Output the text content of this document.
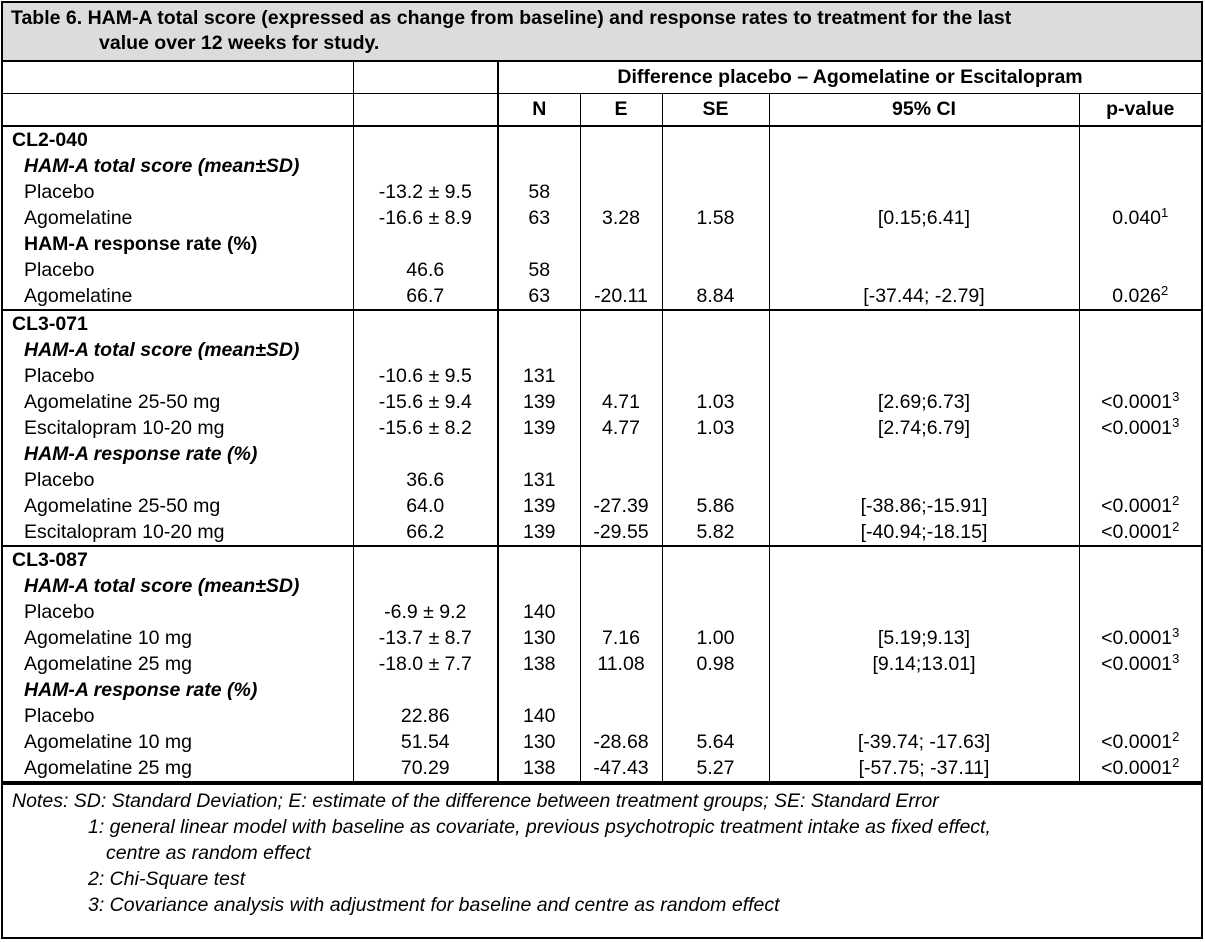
Table 6. HAM-A total score (expressed as change from baseline) and response rates to treatment for the last
value over 12 weeks for study.
		Difference placebo – Agomelatine or Escitalopram				
		N	E	SE	95% CI	p-value
CL2-040						
HAM-A total score (mean±SD)						
Placebo	-13.2 ± 9.5	58				
Agomelatine	-16.6 ± 8.9	63	3.28	1.58	[0.15;6.41]	0.040$^1$
HAM-A response rate (%)						
Placebo	46.6	58				
Agomelatine	66.7	63	-20.11	8.84	[-37.44; -2.79]	0.026$^2$
CL3-071						
HAM-A total score (mean±SD)						
Placebo	-10.6 ± 9.5	131				
Agomelatine 25-50 mg	-15.6 ± 9.4	139	4.71	1.03	[2.69;6.73]	$<0.0001^3$
Escitalopram 10-20 mg	-15.6 ± 8.2	139	4.77	1.03	[2.74;6.79]	$<0.0001^3$
HAM-A response rate (%)						
Placebo	36.6	131				
Agomelatine 25-50 mg	64.0	139	-27.39	5.86	[-38.86;-15.91]	$<0.0001^2$
Escitalopram 10-20 mg	66.2	139	-29.55	5.82	[-40.94;-18.15]	$<0.0001^2$
CL3-087						
HAM-A total score (mean±SD)						
Placebo	-6.9 ± 9.2	140				
Agomelatine 10 mg	-13.7 ± 8.7	130	7.16	1.00	[5.19;9.13]	$<0.0001^3$
Agomelatine 25 mg	-18.0 ± 7.7	138	11.08	0.98	[9.14;13.01]	$<0.0001^3$
HAM-A response rate (%)						
Placebo	22.86	140				
Agomelatine 10 mg	51.54	130	-28.68	5.64	[-39.74; -17.63]	$<0.0001^2$
Agomelatine 25 mg	70.29	138	-47.43	5.27	[-57.75; -37.11]	$<0.0001^2$
Notes: SD: Standard Deviation; E: estimate of the difference between treatment groups; SE: Standard Error
1: general linear model with baseline as covariate, previous psychotropic treatment intake as fixed effect,
centre as random effect
2: Chi-Square test
3: Covariance analysis with adjustment for baseline and centre as random effect
